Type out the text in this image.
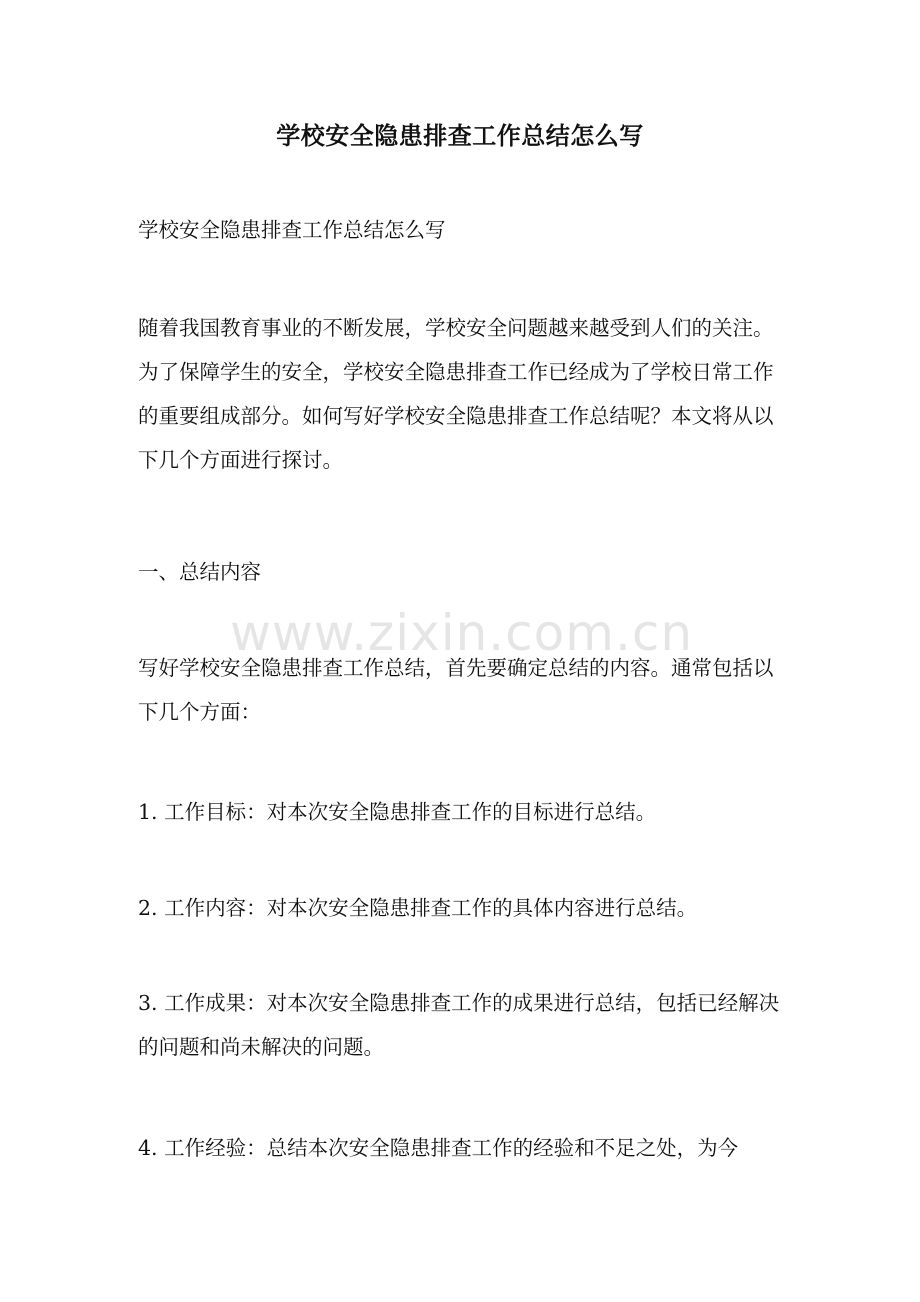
学校安全隐患排查工作总结怎么写

学校安全隐患排查工作总结怎么写

随着我国教育事业的不断发展，学校安全问题越来越受到人们的关注。为了保障学生的安全，学校安全隐患排查工作已经成为了学校日常工作的重要组成部分。如何写好学校安全隐患排查工作总结呢？本文将从以下几个方面进行探讨。

一、总结内容

写好学校安全隐患排查工作总结，首先要确定总结的内容。通常包括以下几个方面：

1. 工作目标：对本次安全隐患排查工作的目标进行总结。

2. 工作内容：对本次安全隐患排查工作的具体内容进行总结。

3. 工作成果：对本次安全隐患排查工作的成果进行总结，包括已经解决的问题和尚未解决的问题。

4. 工作经验：总结本次安全隐患排查工作的经验和不足之处，为今

www.zixin.com.cn
